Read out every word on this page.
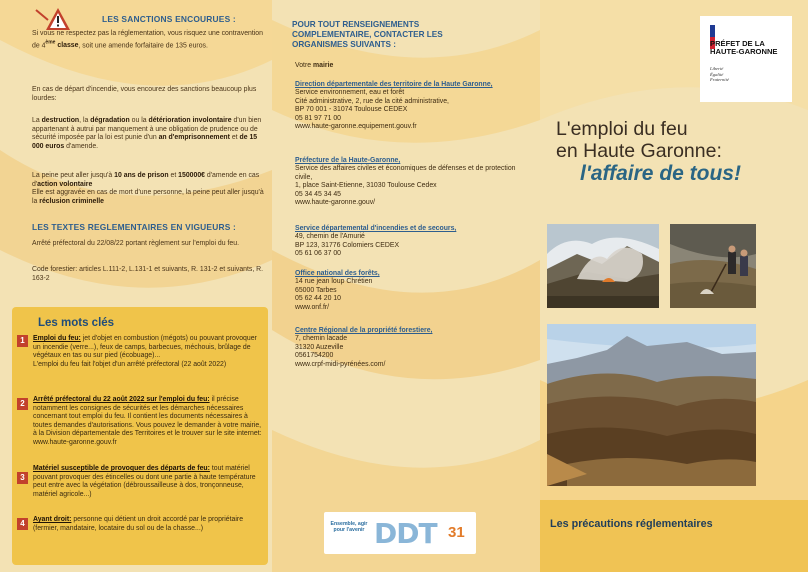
LES SANCTIONS ENCOURUES :
Si vous ne respectez pas la réglementation, vous risquez une contravention de 4ème classe, soit une amende forfaitaire de 135 euros.
En cas de départ d'incendie, vous encourez des sanctions beaucoup plus lourdes:
La destruction, la dégradation ou la détérioration involontaire d'un bien appartenant à autrui par manquement à une obligation de prudence ou de sécurité imposée par la loi est punie d'un an d'emprisonnement et de 15 000 euros d'amende.
La peine peut aller jusqu'à 10 ans de prison et 150000€ d'amende en cas d'action volontaire
Elle est aggravée en cas de mort d'une personne, la peine peut aller jusqu'à la réclusion criminelle
LES TEXTES REGLEMENTAIRES EN VIGUEURS :
Arrêté préfectoral du 22/08/22 portant règlement sur l'emploi du feu.
Code forestier: articles L.111-2, L.131-1 et suivants, R. 131-2 et suivants, R. 163-2
Les mots clés
1	Emploi du feu: jet d'objet en combustion (mégots) ou pouvant provoquer un incendie (verre...), feux de camps, barbecues, méchouis, brûlage de végétaux en tas ou sur pied (écobuage)...
L'emploi du feu fait l'objet d'un arrêté préfectoral (22 août 2022)
2	Arrêté préfectoral du 22 août 2022 sur l'emploi du feu: il précise notamment les consignes de sécurités et les démarches nécessaires concernant tout emploi du feu. Il contient les documents nécessaires à toutes demandes d'autorisations. Vous pouvez le demander à votre mairie, à la Division départementale des Territoires et le trouver sur le site internet: www.haute-garonne.gouv.fr
3
Matériel susceptible de provoquer des départs de feu: tout matériel pouvant provoquer des étincelles ou dont une partie à haute température peut entre avec la végétation (débroussailleuse à dos, tronçonneuse, matériel agricole...)
4	Ayant droit: personne qui détient un droit accordé par le propriétaire (fermier, mandataire, locataire du sol ou de la chasse...)
POUR TOUT RENSEIGNEMENTS COMPLEMENTAIRE, CONTACTER LES ORGANISMES SUIVANTS :
Votre mairie
Direction départementale des territoire de la Haute Garonne,
Service environnement, eau et forêt
Cité administrative, 2, rue de la cité administrative,
BP 70 001 - 31074 Toulouse CEDEX
05 81 97 71 00
www.haute-garonne.equipement.gouv.fr
Préfecture de la Haute-Garonne,
Service des affaires civiles et économiques de défenses et de protection civile,
1, place Saint-Etienne, 31030 Toulouse Cedex
05 34 45 34 45
www.haute-garonne.gouv/
Service départemental d'incendies et de secours,
49, chemin de l'Amurié
BP 123, 31776 Colomiers CEDEX
05 61 06 37 00
Office national des forêts,
14 rue jean loup Chrétien
65000 Tarbes
05 62 44 20 10
www.onf.fr/
Centre Régional de la propriété forestiere,
7, chemin lacade
31320 Auzeville
0561754200
www.crpf-midi-pyrénées.com/
PRÉFET DE LA HAUTE-GARONNE
Liberté
Égalité
Fraternité
L'emploi du feu
en Haute Garonne:
l'affaire de tous!
Les précautions réglementaires
Ensemble, agir pour l'avenir DDT 31
